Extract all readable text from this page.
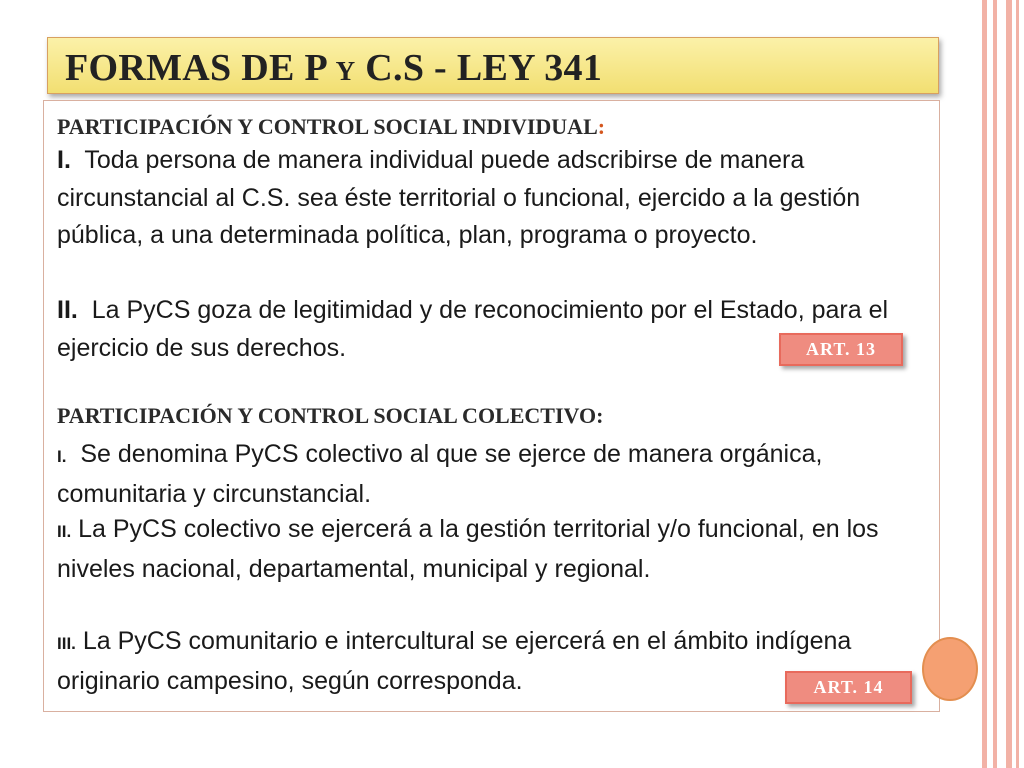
FORMAS DE P Y C.S - LEY 341
PARTICIPACIÓN Y CONTROL SOCIAL INDIVIDUAL:
I. Toda persona de manera individual puede adscribirse de manera circunstancial al C.S. sea éste territorial o funcional, ejercido a la gestión pública, a una determinada política, plan, programa o proyecto.
II. La PyCS goza de legitimidad y de reconocimiento por el Estado, para el ejercicio de sus derechos.	ART. 13
PARTICIPACIÓN Y CONTROL SOCIAL COLECTIVO:
I. Se denomina PyCS colectivo al que se ejerce de manera orgánica, comunitaria y circunstancial.
II. La PyCS colectivo se ejercerá a la gestión territorial y/o funcional, en los niveles nacional, departamental, municipal y regional.
III. La PyCS comunitario e intercultural se ejercerá en el ámbito indígena originario campesino, según corresponda.	ART. 14
